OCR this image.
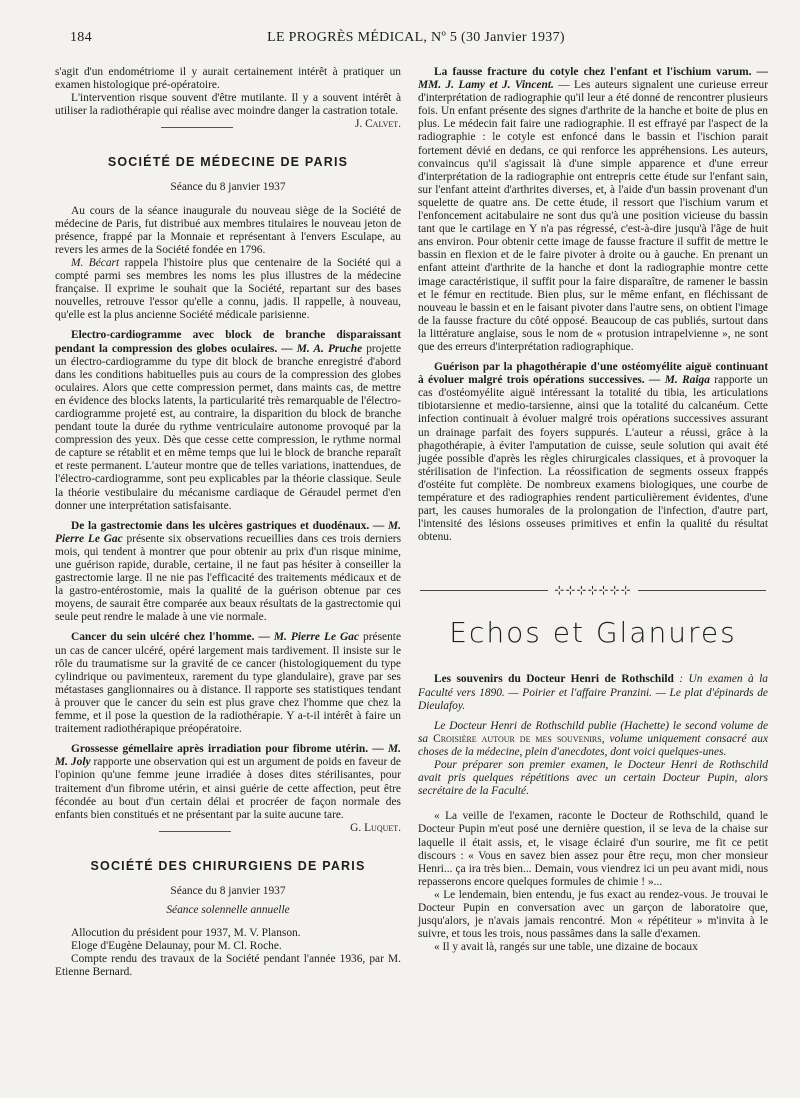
184	LE PROGRÈS MÉDICAL, Nº 5 (30 Janvier 1937)

s'agit d'un endométriome il y aurait certainement intérêt à pratiquer un examen histologique pré-opératoire.

L'intervention risque souvent d'être mutilante. Il y a souvent intérêt à utiliser la radiothérapie qui réalise avec moindre danger la castration totale.
J. Calvet.

SOCIÉTÉ DE MÉDECINE DE PARIS
Séance du 8 janvier 1937

Au cours de la séance inaugurale du nouveau siège de la Société de médecine de Paris, fut distribué aux membres titulaires le nouveau jeton de présence, frappé par la Monnaie et représentant à l'envers Esculape, au revers les armes de la Société fondée en 1796.

M. Bécart rappela l'histoire plus que centenaire de la Société qui a compté parmi ses membres les noms les plus illustres de la médecine française. Il exprime le souhait que la Société, repartant sur des bases nouvelles, retrouve l'essor qu'elle a connu, jadis. Il rappelle, à nouveau, qu'elle est la plus ancienne Société médicale parisienne.

Electro-cardiogramme avec block de branche disparaissant pendant la compression des globes oculaires. — M. A. Pruche projette un électro-cardiogramme du type dit block de branche enregistré d'abord dans les conditions habituelles puis au cours de la compression des globes oculaires. Alors que cette compression permet, dans maints cas, de mettre en évidence des blocks latents, la particularité très remarquable de l'électro-cardiogramme projeté est, au contraire, la disparition du block de branche pendant toute la durée du rythme ventriculaire autonome provoqué par la compression des yeux. Dès que cesse cette compression, le rythme normal de capture se rétablit et en même temps que lui le block de branche reparaît et reste permanent. L'auteur montre que de telles variations, inattendues, de l'électro-cardiogramme, sont peu explicables par la théorie classique. Seule la théorie vestibulaire du mécanisme cardiaque de Géraudel permet d'en donner une interprétation satisfaisante.

De la gastrectomie dans les ulcères gastriques et duodénaux. — M. Pierre Le Gac présente six observations recueillies dans ces trois derniers mois, qui tendent à montrer que pour obtenir au prix d'un risque minime, une guérison rapide, durable, certaine, il ne faut pas hésiter à conseiller la gastrectomie large. Il ne nie pas l'efficacité des traitements médicaux et de la gastro-entérostomie, mais la qualité de la guérison obtenue par ces moyens, de saurait être comparée aux beaux résultats de la gastrectomie qui seule peut rendre le malade à une vie normale.

Cancer du sein ulcéré chez l'homme. — M. Pierre Le Gac présente un cas de cancer ulcéré, opéré largement mais tardivement. Il insiste sur le rôle du traumatisme sur la gravité de ce cancer (histologiquement du type cylindrique ou pavimenteux, rarement du type glandulaire), grave par ses métastases ganglionnaires ou à distance. Il rapporte ses statistiques tendant à prouver que le cancer du sein est plus grave chez l'homme que chez la femme, et il pose la question de la radiothérapie. Y a-t-il intérêt à faire un traitement radiothérapique préopératoire.

Grossesse gémellaire après irradiation pour fibrome utérin. — M. M. Joly rapporte une observation qui est un argument de poids en faveur de l'opinion qu'une femme jeune irradiée à doses dites stérilisantes, pour traitement d'un fibrome utérin, et ainsi guérie de cette affection, peut être fécondée au bout d'un certain délai et procréer de façon normale des enfants bien constitués et ne présentant par la suite aucune tare.
G. Luquet.

SOCIÉTÉ DES CHIRURGIENS DE PARIS
Séance du 8 janvier 1937
Séance solennelle annuelle

Allocution du président pour 1937, M. V. Planson.

Eloge d'Eugène Delaunay, pour M. Cl. Roche.

Compte rendu des travaux de la Société pendant l'année 1936, par M. Etienne Bernard.

La fausse fracture du cotyle chez l'enfant et l'ischium varum. — MM. J. Lamy et J. Vincent. — Les auteurs signalent une curieuse erreur d'interprétation de radiographie qu'il leur a été donné de rencontrer plusieurs fois. Un enfant présente des signes d'arthrite de la hanche et boite de plus en plus. Le médecin fait faire une radiographie. Il est effrayé par l'aspect de la radiographie : le cotyle est enfoncé dans le bassin et l'ischion parait fortement dévié en dedans, ce qui renforce les appréhensions. Les auteurs, convaincus qu'il s'agissait là d'une simple apparence et d'une erreur d'interprétation de la radiographie ont entrepris cette étude sur l'enfant sain, sur l'enfant atteint d'arthrites diverses, et, à l'aide d'un bassin provenant d'un squelette de quatre ans. De cette étude, il ressort que l'ischium varum et l'enfoncement acitabulaire ne sont dus qu'à une position vicieuse du bassin tant que le cartilage en Y n'a pas régressé, c'est-à-dire jusqu'à l'âge de huit ans environ. Pour obtenir cette image de fausse fracture il suffit de mettre le bassin en flexion et de le faire pivoter à droite ou à gauche. En prenant un enfant atteint d'arthrite de la hanche et dont la radiographie montre cette image caractéristique, il suffit pour la faire disparaître, de ramener le bassin et le fémur en rectitude. Bien plus, sur le même enfant, en fléchissant de nouveau le bassin et en le faisant pivoter dans l'autre sens, on obtient l'image de la fausse fracture du côté opposé. Beaucoup de cas publiés, surtout dans la littérature anglaise, sous le nom de « protusion intrapelvienne », ne sont que des erreurs d'interprétation radiographique.

Guérison par la phagothérapie d'une ostéomyélite aiguë continuant à évoluer malgré trois opérations successives. — M. Raiga rapporte un cas d'ostéomyélite aiguë intéressant la totalité du tibia, les articulations tibiotarsienne et medio-tarsienne, ainsi que la totalité du calcanéum. Cette infection continuait à évoluer malgré trois opérations successives assurant un drainage parfait des foyers suppurés. L'auteur a réussi, grâce à la phagothérapie, à éviter l'amputation de cuisse, seule solution qui avait été jugée possible d'après les règles chirurgicales classiques, et à provoquer la stérilisation de l'infection. La réossification de segments osseux frappés d'ostéite fut complète. De nombreux examens biologiques, une courbe de température et des radiographies rendent particulièrement évidentes, d'une part, les causes humorales de la prolongation de l'infection, d'autre part, l'intensité des lésions osseuses primitives et enfin la qualité du résultat obtenu.

⊹⊹⊹⊹⊹⊹⊹
Echos et Glanures

Les souvenirs du Docteur Henri de Rothschild : Un examen à la Faculté vers 1890. — Poirier et l'affaire Pranzini. — Le plat d'épinards de Dieulafoy.

Le Docteur Henri de Rothschild publie (Hachette) le second volume de sa Croisière autour de mes souvenirs, volume uniquement consacré aux choses de la médecine, plein d'anecdotes, dont voici quelques-unes.

Pour préparer son premier examen, le Docteur Henri de Rothschild avait pris quelques répétitions avec un certain Docteur Pupin, alors secrétaire de la Faculté.

« La veille de l'examen, raconte le Docteur de Rothschild, quand le Docteur Pupin m'eut posé une dernière question, il se leva de la chaise sur laquelle il était assis, et, le visage éclairé d'un sourire, me fit ce petit discours : « Vous en savez bien assez pour être reçu, mon cher monsieur Henri... ça ira très bien... Demain, vous viendrez ici un peu avant midi, nous repasserons encore quelques formules de chimie ! »...

« Le lendemain, bien entendu, je fus exact au rendez-vous. Je trouvai le Docteur Pupin en conversation avec un garçon de laboratoire que, jusqu'alors, je n'avais jamais rencontré. Mon « répétiteur » m'invita à le suivre, et tous les trois, nous passâmes dans la salle d'examen.

« Il y avait là, rangés sur une table, une dizaine de bocaux
